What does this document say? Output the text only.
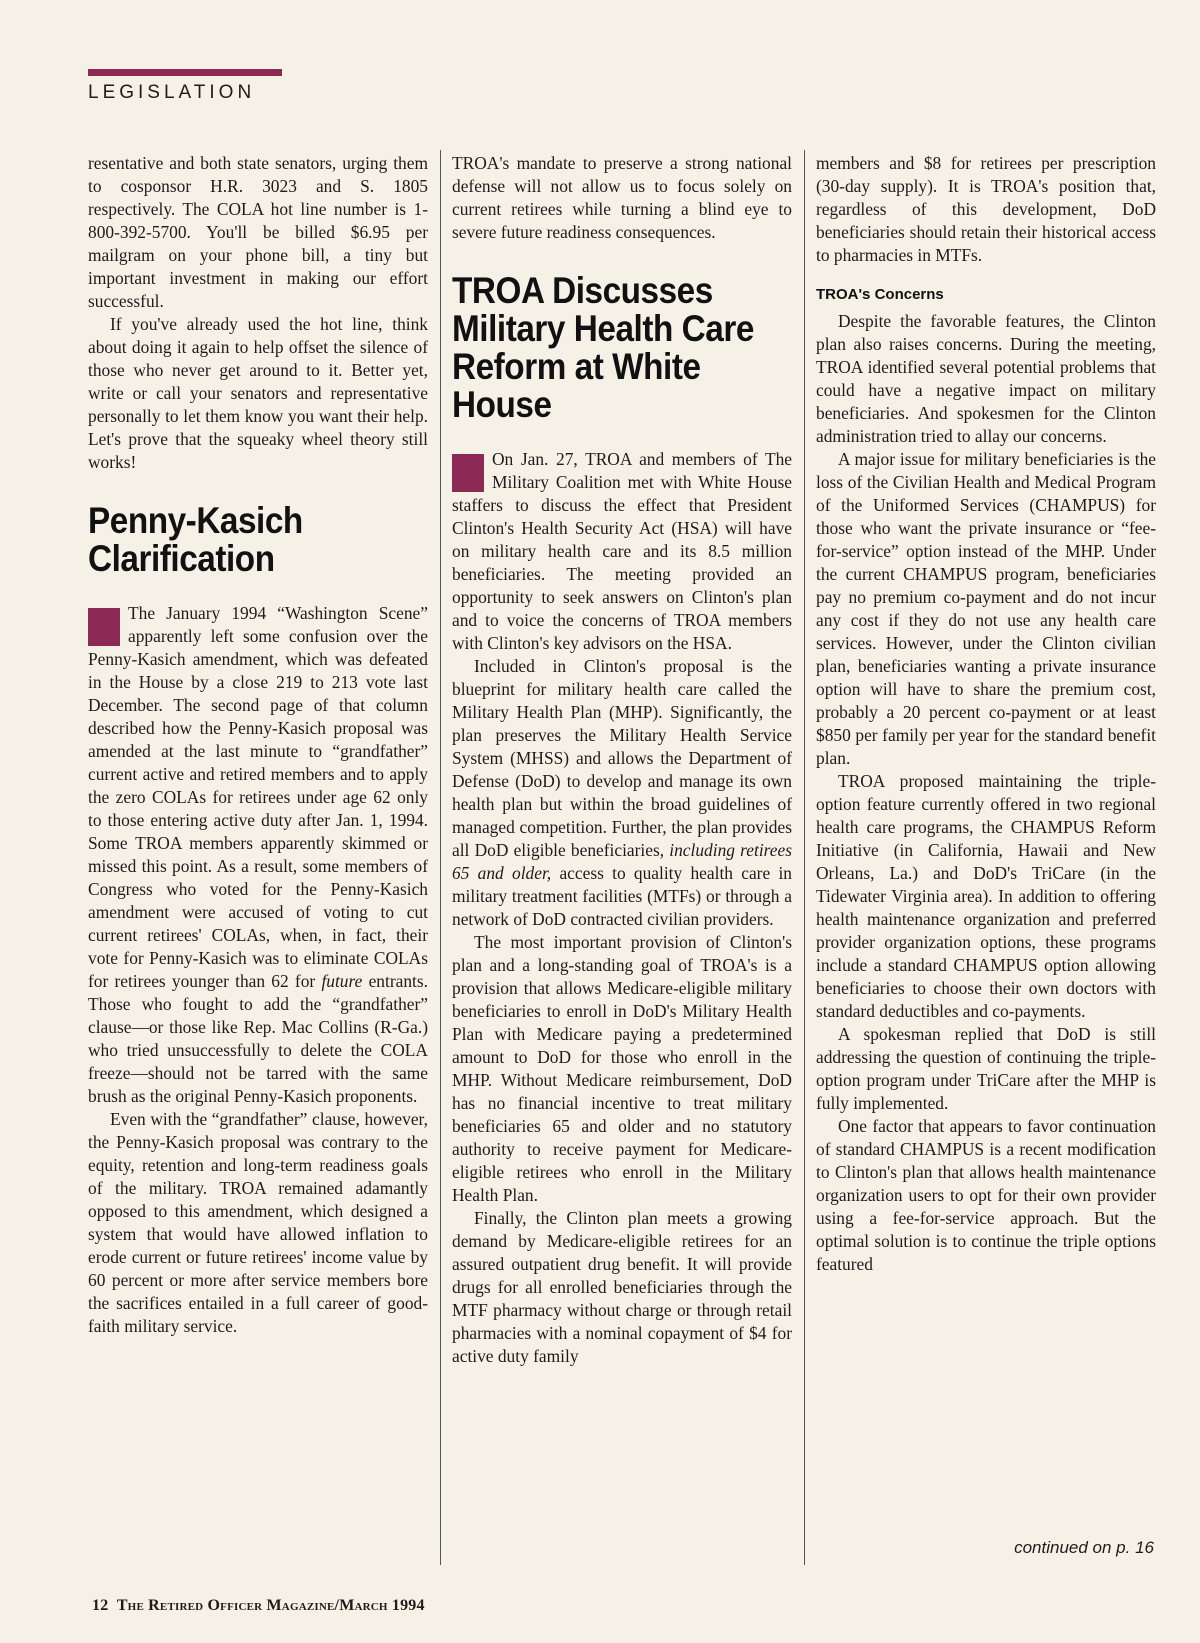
LEGISLATION

resentative and both state senators, urging them to cosponsor H.R. 3023 and S. 1805 respectively. The COLA hot line number is 1-800-392-5700. You'll be billed $6.95 per mailgram on your phone bill, a tiny but important investment in making our effort successful.

If you've already used the hot line, think about doing it again to help offset the silence of those who never get around to it. Better yet, write or call your senators and representative personally to let them know you want their help. Let's prove that the squeaky wheel theory still works!

Penny-Kasich Clarification

The January 1994 “Washington Scene” apparently left some confusion over the Penny-Kasich amendment, which was defeated in the House by a close 219 to 213 vote last December. The second page of that column described how the Penny-Kasich proposal was amended at the last minute to “grandfather” current active and retired members and to apply the zero COLAs for retirees under age 62 only to those entering active duty after Jan. 1, 1994. Some TROA members apparently skimmed or missed this point. As a result, some members of Congress who voted for the Penny-Kasich amendment were accused of voting to cut current retirees' COLAs, when, in fact, their vote for Penny-Kasich was to eliminate COLAs for retirees younger than 62 for future entrants. Those who fought to add the “grandfather” clause—or those like Rep. Mac Collins (R-Ga.) who tried unsuccessfully to delete the COLA freeze—should not be tarred with the same brush as the original Penny-Kasich proponents.

Even with the “grandfather” clause, however, the Penny-Kasich proposal was contrary to the equity, retention and long-term readiness goals of the military. TROA remained adamantly opposed to this amendment, which designed a system that would have allowed inflation to erode current or future retirees' income value by 60 percent or more after service members bore the sacrifices entailed in a full career of good-faith military service.

TROA's mandate to preserve a strong national defense will not allow us to focus solely on current retirees while turning a blind eye to severe future readiness consequences.

TROA Discusses Military Health Care Reform at White House

On Jan. 27, TROA and members of The Military Coalition met with White House staffers to discuss the effect that President Clinton's Health Security Act (HSA) will have on military health care and its 8.5 million beneficiaries. The meeting provided an opportunity to seek answers on Clinton's plan and to voice the concerns of TROA members with Clinton's key advisors on the HSA.

Included in Clinton's proposal is the blueprint for military health care called the Military Health Plan (MHP). Significantly, the plan preserves the Military Health Service System (MHSS) and allows the Department of Defense (DoD) to develop and manage its own health plan but within the broad guidelines of managed competition. Further, the plan provides all DoD eligible beneficiaries, including retirees 65 and older, access to quality health care in military treatment facilities (MTFs) or through a network of DoD contracted civilian providers.

The most important provision of Clinton's plan and a long-standing goal of TROA's is a provision that allows Medicare-eligible military beneficiaries to enroll in DoD's Military Health Plan with Medicare paying a predetermined amount to DoD for those who enroll in the MHP. Without Medicare reimbursement, DoD has no financial incentive to treat military beneficiaries 65 and older and no statutory authority to receive payment for Medicare-eligible retirees who enroll in the Military Health Plan.

Finally, the Clinton plan meets a growing demand by Medicare-eligible retirees for an assured outpatient drug benefit. It will provide drugs for all enrolled beneficiaries through the MTF pharmacy without charge or through retail pharmacies with a nominal copayment of $4 for active duty family

members and $8 for retirees per prescription (30-day supply). It is TROA's position that, regardless of this development, DoD beneficiaries should retain their historical access to pharmacies in MTFs.

TROA's Concerns

Despite the favorable features, the Clinton plan also raises concerns. During the meeting, TROA identified several potential problems that could have a negative impact on military beneficiaries. And spokesmen for the Clinton administration tried to allay our concerns.

A major issue for military beneficiaries is the loss of the Civilian Health and Medical Program of the Uniformed Services (CHAMPUS) for those who want the private insurance or “fee-for-service” option instead of the MHP. Under the current CHAMPUS program, beneficiaries pay no premium co-payment and do not incur any cost if they do not use any health care services. However, under the Clinton civilian plan, beneficiaries wanting a private insurance option will have to share the premium cost, probably a 20 percent co-payment or at least $850 per family per year for the standard benefit plan.

TROA proposed maintaining the triple-option feature currently offered in two regional health care programs, the CHAMPUS Reform Initiative (in California, Hawaii and New Orleans, La.) and DoD's TriCare (in the Tidewater Virginia area). In addition to offering health maintenance organization and preferred provider organization options, these programs include a standard CHAMPUS option allowing beneficiaries to choose their own doctors with standard deductibles and co-payments.

A spokesman replied that DoD is still addressing the question of continuing the triple-option program under TriCare after the MHP is fully implemented.

One factor that appears to favor continuation of standard CHAMPUS is a recent modification to Clinton's plan that allows health maintenance organization users to opt for their own provider using a fee-for-service approach. But the optimal solution is to continue the triple options featured

continued on p. 16
12 The Retired Officer Magazine/March 1994
